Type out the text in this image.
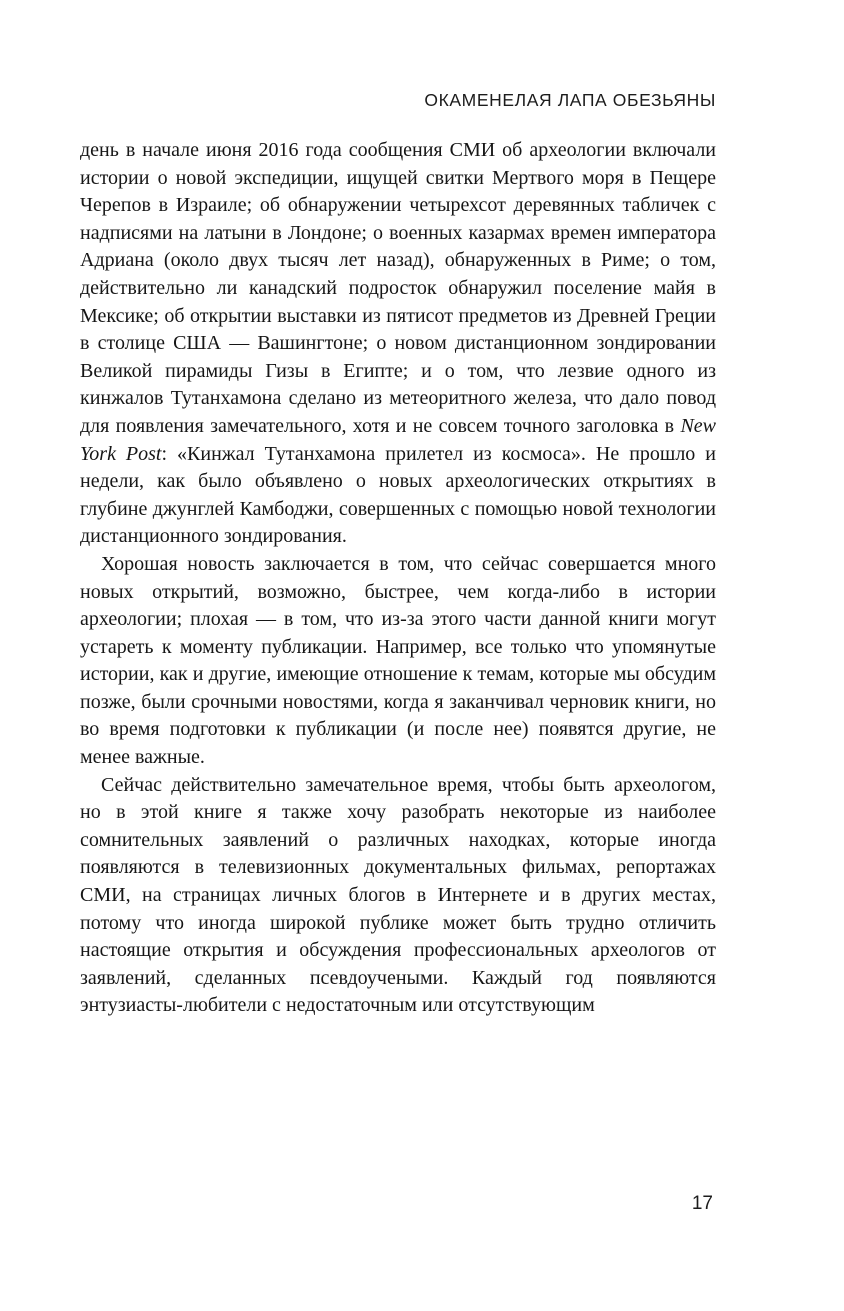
ОКАМЕНЕЛАЯ ЛАПА ОБЕЗЬЯНЫ

день в начале июня 2016 года сообщения СМИ об археологии включали истории о новой экспедиции, ищущей свитки Мертвого моря в Пещере Черепов в Израиле; об обнаружении четырехсот деревянных табличек с надписями на латыни в Лондоне; о военных казармах времен императора Адриана (около двух тысяч лет назад), обнаруженных в Риме; о том, действительно ли канадский подросток обнаружил поселение майя в Мексике; об открытии выставки из пятисот предметов из Древней Греции в столице США — Вашингтоне; о новом дистанционном зондировании Великой пирамиды Гизы в Египте; и о том, что лезвие одного из кинжалов Тутанхамона сделано из метеоритного железа, что дало повод для появления замечательного, хотя и не совсем точного заголовка в New York Post: «Кинжал Тутанхамона прилетел из космоса». Не прошло и недели, как было объявлено о новых археологических открытиях в глубине джунглей Камбоджи, совершенных с помощью новой технологии дистанционного зондирования.

Хорошая новость заключается в том, что сейчас совершается много новых открытий, возможно, быстрее, чем когда-либо в истории археологии; плохая — в том, что из-за этого части данной книги могут устареть к моменту публикации. Например, все только что упомянутые истории, как и другие, имеющие отношение к темам, которые мы обсудим позже, были срочными новостями, когда я заканчивал черновик книги, но во время подготовки к публикации (и после нее) появятся другие, не менее важные.

Сейчас действительно замечательное время, чтобы быть археологом, но в этой книге я также хочу разобрать некоторые из наиболее сомнительных заявлений о различных находках, которые иногда появляются в телевизионных документальных фильмах, репортажах СМИ, на страницах личных блогов в Интернете и в других местах, потому что иногда широкой публике может быть трудно отличить настоящие открытия и обсуждения профессиональных археологов от заявлений, сделанных псевдоучеными. Каждый год появляются энтузиасты-любители с недостаточным или отсутствующим

17
